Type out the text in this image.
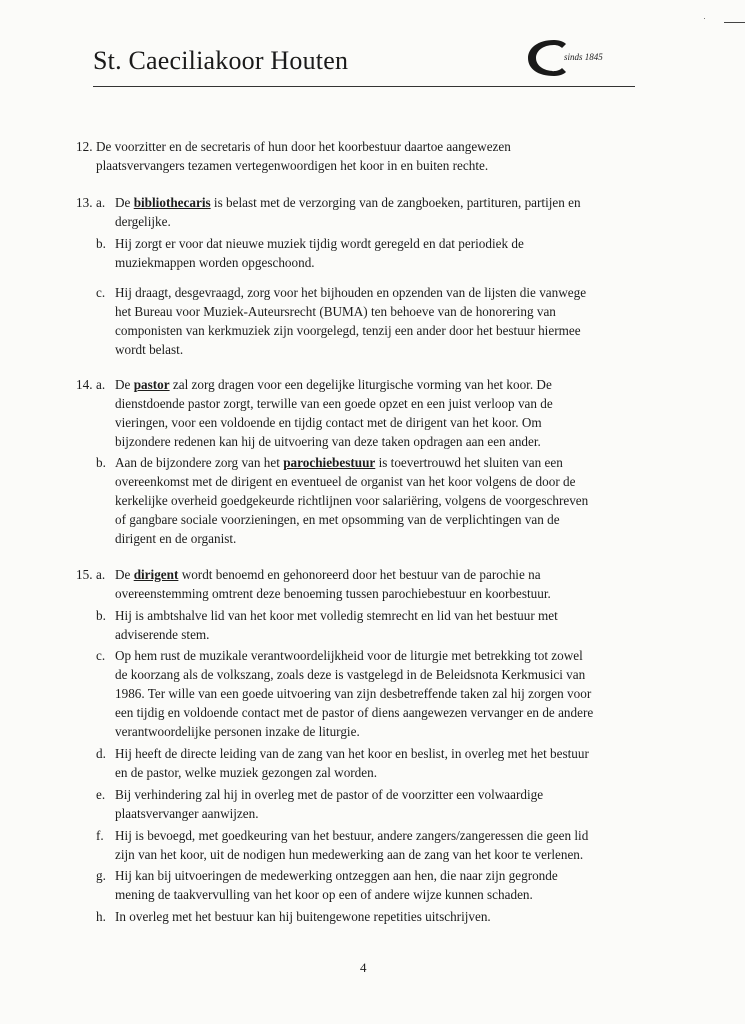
St. Caeciliakoor Houten	sinds 1845
12. De voorzitter en de secretaris of hun door het koorbestuur daartoe aangewezen
plaatsvervangers tezamen vertegenwoordigen het koor in en buiten rechte.
13. a. De bibliothecaris is belast met de verzorging van de zangboeken, partituren, partijen en
dergelijke.
b. Hij zorgt er voor dat nieuwe muziek tijdig wordt geregeld en dat periodiek de
muziekmappen worden opgeschoond.
c. Hij draagt, desgevraagd, zorg voor het bijhouden en opzenden van de lijsten die vanwege
het Bureau voor Muziek-Auteursrecht (BUMA) ten behoeve van de honorering van
componisten van kerkmuziek zijn voorgelegd, tenzij een ander door het bestuur hiermee
wordt belast.
14. a. De pastor zal zorg dragen voor een degelijke liturgische vorming van het koor. De
dienstdoende pastor zorgt, terwille van een goede opzet en een juist verloop van de
vieringen, voor een voldoende en tijdig contact met de dirigent van het koor. Om
bijzondere redenen kan hij de uitvoering van deze taken opdragen aan een ander.
b. Aan de bijzondere zorg van het parochiebestuur is toevertrouwd het sluiten van een
overeenkomst met de dirigent en eventueel de organist van het koor volgens de door de
kerkelijke overheid goedgekeurde richtlijnen voor salariëring, volgens de voorgeschreven
of gangbare sociale voorzieningen, en met opsomming van de verplichtingen van de
dirigent en de organist.
15. a. De dirigent wordt benoemd en gehonoreerd door het bestuur van de parochie na
overeenstemming omtrent deze benoeming tussen parochiebestuur en koorbestuur.
b. Hij is ambtshalve lid van het koor met volledig stemrecht en lid van het bestuur met
adviserende stem.
c. Op hem rust de muzikale verantwoordelijkheid voor de liturgie met betrekking tot zowel
de koorzang als de volkszang, zoals deze is vastgelegd in de Beleidsnota Kerkmusici van
1986. Ter wille van een goede uitvoering van zijn desbetreffende taken zal hij zorgen voor
een tijdig en voldoende contact met de pastor of diens aangewezen vervanger en de andere
verantwoordelijke personen inzake de liturgie.
d. Hij heeft de directe leiding van de zang van het koor en beslist, in overleg met het bestuur
en de pastor, welke muziek gezongen zal worden.
e. Bij verhindering zal hij in overleg met de pastor of de voorzitter een volwaardige
plaatsvervanger aanwijzen.
f. Hij is bevoegd, met goedkeuring van het bestuur, andere zangers/zangeressen die geen lid
zijn van het koor, uit de nodigen hun medewerking aan de zang van het koor te verlenen.
g. Hij kan bij uitvoeringen de medewerking ontzeggen aan hen, die naar zijn gegronde
mening de taakvervulling van het koor op een of andere wijze kunnen schaden.
h. In overleg met het bestuur kan hij buitengewone repetities uitschrijven.
4
